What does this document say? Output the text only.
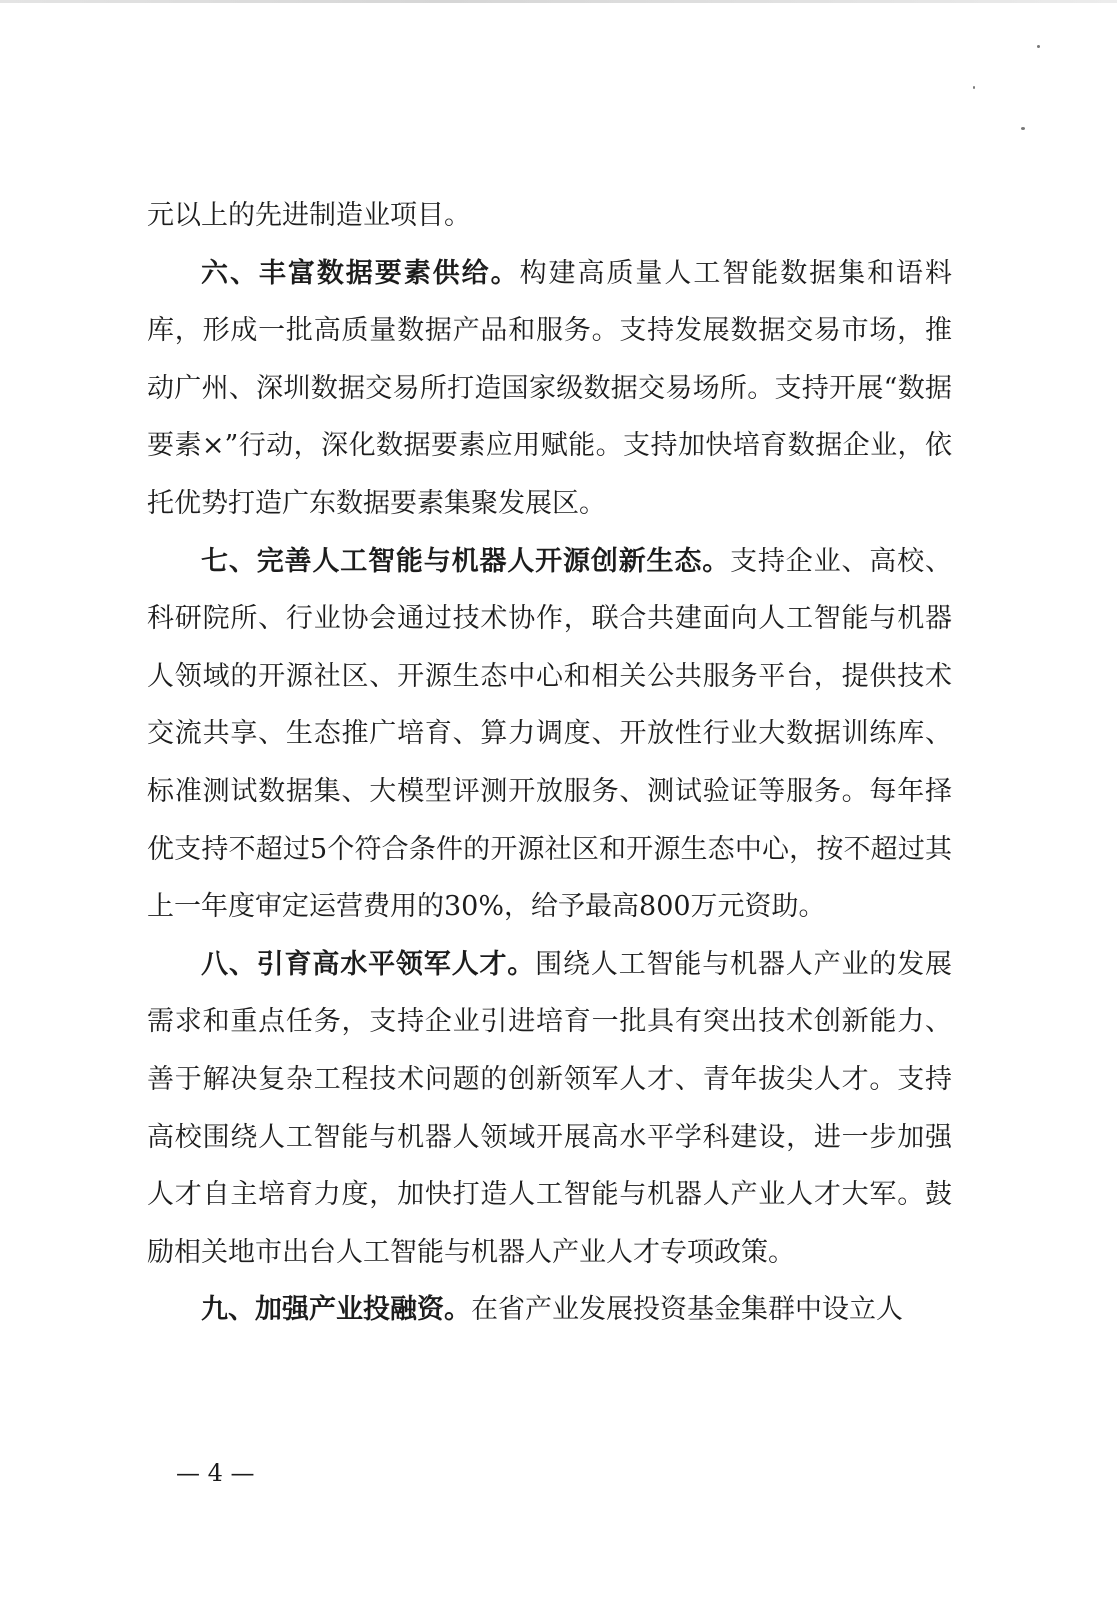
元以上的先进制造业项目。

六、丰富数据要素供给。构建高质量人工智能数据集和语料库，形成一批高质量数据产品和服务。支持发展数据交易市场，推动广州、深圳数据交易所打造国家级数据交易场所。支持开展“数据要素×”行动，深化数据要素应用赋能。支持加快培育数据企业，依托优势打造广东数据要素集聚发展区。

七、完善人工智能与机器人开源创新生态。支持企业、高校、科研院所、行业协会通过技术协作，联合共建面向人工智能与机器人领域的开源社区、开源生态中心和相关公共服务平台，提供技术交流共享、生态推广培育、算力调度、开放性行业大数据训练库、标准测试数据集、大模型评测开放服务、测试验证等服务。每年择优支持不超过5个符合条件的开源社区和开源生态中心，按不超过其上一年度审定运营费用的30%，给予最高800万元资助。

八、引育高水平领军人才。围绕人工智能与机器人产业的发展需求和重点任务，支持企业引进培育一批具有突出技术创新能力、善于解决复杂工程技术问题的创新领军人才、青年拔尖人才。支持高校围绕人工智能与机器人领域开展高水平学科建设，进一步加强人才自主培育力度，加快打造人工智能与机器人产业人才大军。鼓励相关地市出台人工智能与机器人产业人才专项政策。

九、加强产业投融资。在省产业发展投资基金集群中设立人

— 4 —
